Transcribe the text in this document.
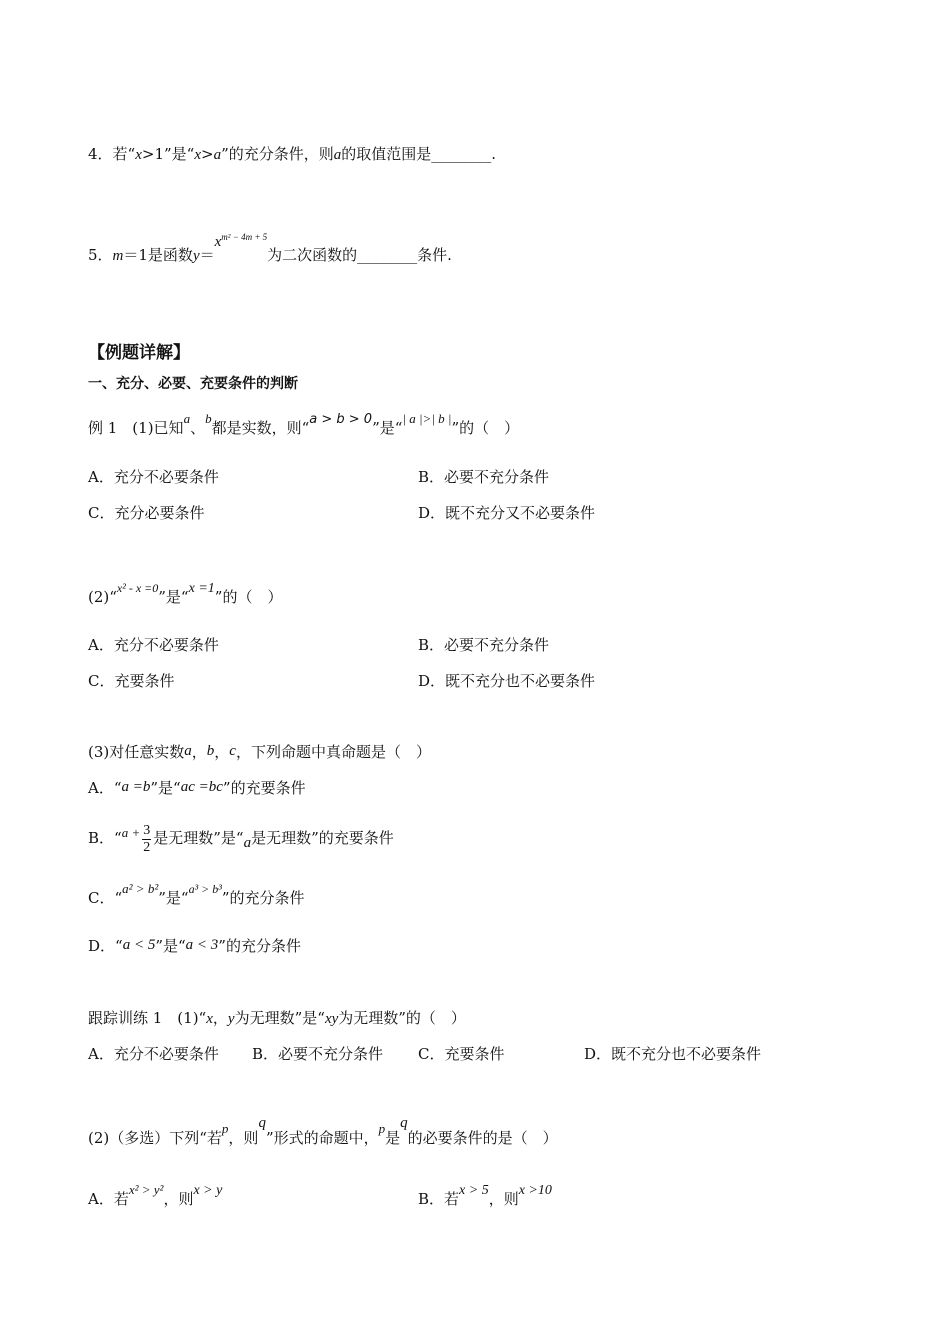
4．若“x>1”是“x>a”的充分条件，则a的取值范围是________.
5．m＝1是函数$y=x^{m^2 - 4m + 5}$为二次函数的________条件.
【例题详解】
一、充分、必要、充要条件的判断
例 1　(1)已知a、b都是实数，则“a > b > 0”是“| a |>| b |”的（　）
A．充分不必要条件	B．必要不充分条件
C．充分必要条件	D．既不充分又不必要条件
(2)“$^{x^2 - x =0}$”是“x =1”的（　）
A．充分不必要条件	B．必要不充分条件
C．充要条件	D．既不充分也不必要条件
(3)对任意实数a，b，c，下列命题中真命题是（　）
A．“a =b”是“ac =bc”的充要条件
B．“$a + \frac{3}{2}$ 是无理数”是“a是无理数”的充要条件
C．“a² > b²”是“$^{a^3 > b^3}$”的充分条件
D．“a < 5”是“a < 3”的充分条件
跟踪训练 1　(1)“x，y为无理数”是“xy为无理数”的（　）
A．充分不必要条件 B．必要不充分条件 C．充要条件	D．既不充分也不必要条件
(2)（多选）下列“若p，则q”形式的命题中，p是q的必要条件的是（　）
A．若x² > y²，则x > y	B．若x > 5，则x >10
